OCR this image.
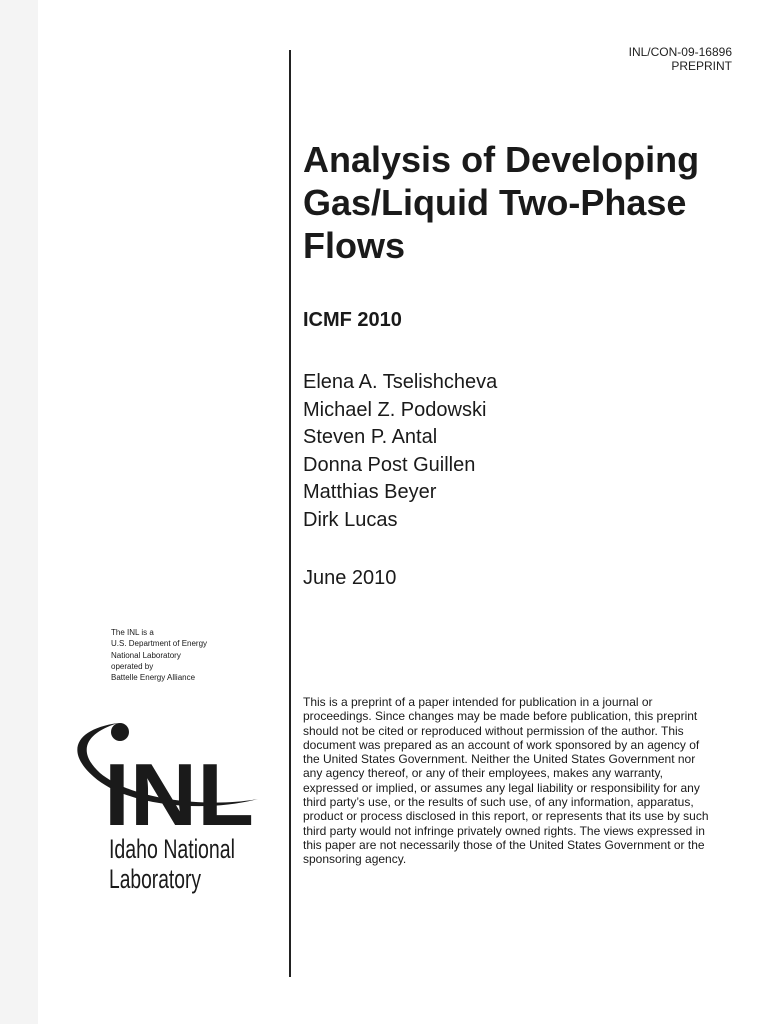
INL/CON-09-16896
PREPRINT
Analysis of Developing
Gas/Liquid Two-Phase
Flows
ICMF 2010
Elena A. Tselishcheva
Michael Z. Podowski
Steven P. Antal
Donna Post Guillen
Matthias Beyer
Dirk Lucas
June 2010
The INL is a
U.S. Department of Energy
National Laboratory
operated by
Battelle Energy Alliance
INL
Idaho National
Laboratory

This is a preprint of a paper intended for publication in a journal or proceedings. Since changes may be made before publication, this preprint should not be cited or reproduced without permission of the author. This document was prepared as an account of work sponsored by an agency of the United States Government. Neither the United States Government nor any agency thereof, or any of their employees, makes any warranty, expressed or implied, or assumes any legal liability or responsibility for any third party’s use, or the results of such use, of any information, apparatus, product or process disclosed in this report, or represents that its use by such third party would not infringe privately owned rights. The views expressed in this paper are not necessarily those of the United States Government or the sponsoring agency.
